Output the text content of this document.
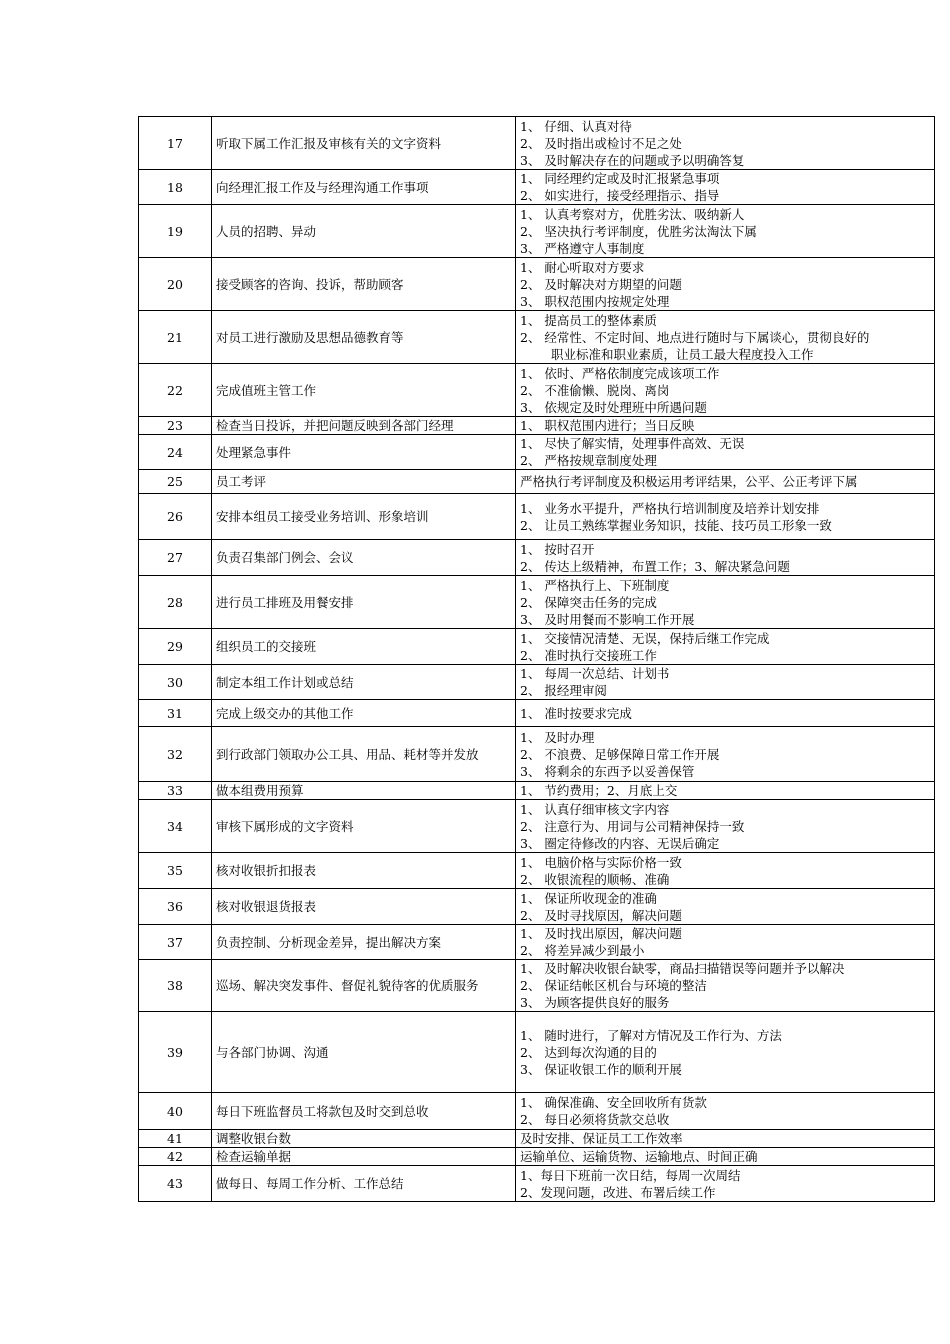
17	听取下属工作汇报及审核有关的文字资料	1、 仔细、认真对待
2、 及时指出或检讨不足之处
3、 及时解决存在的问题或予以明确答复

18	向经理汇报工作及与经理沟通工作事项	1、 同经理约定或及时汇报紧急事项
2、 如实进行，接受经理指示、指导

19	人员的招聘、异动	1、 认真考察对方，优胜劣汰、吸纳新人
2、 坚决执行考评制度，优胜劣汰淘汰下属
3、 严格遵守人事制度

20	接受顾客的咨询、投诉，帮助顾客	1、 耐心听取对方要求
2、 及时解决对方期望的问题
3、 职权范围内按规定处理

21	对员工进行激励及思想品德教育等	1、 提高员工的整体素质
2、 经常性、不定时间、地点进行随时与下属谈心，贯彻良好的
职业标准和职业素质，让员工最大程度投入工作

22	完成值班主管工作	1、 依时、严格依制度完成该项工作
2、 不准偷懒、脱岗、离岗
3、 依规定及时处理班中所遇问题

23	检查当日投诉，并把问题反映到各部门经理	1、 职权范围内进行；当日反映

24	处理紧急事件	1、 尽快了解实情，处理事件高效、无误
2、 严格按规章制度处理

25	员工考评	严格执行考评制度及积极运用考评结果，公平、公正考评下属

26	安排本组员工接受业务培训、形象培训	1、 业务水平提升，严格执行培训制度及培养计划安排
2、 让员工熟练掌握业务知识，技能、技巧员工形象一致

27	负责召集部门例会、会议	1、 按时召开
2、 传达上级精神，布置工作；3、解决紧急问题

28	进行员工排班及用餐安排	1、 严格执行上、下班制度
2、 保障突击任务的完成
3、 及时用餐而不影响工作开展

29	组织员工的交接班	1、 交接情况清楚、无误，保持后继工作完成
2、 准时执行交接班工作

30	制定本组工作计划或总结	1、 每周一次总结、计划书
2、 报经理审阅

31	完成上级交办的其他工作	1、 准时按要求完成

32	到行政部门领取办公工具、用品、耗材等并发放	1、 及时办理
2、 不浪费、足够保障日常工作开展
3、 将剩余的东西予以妥善保管

33	做本组费用预算	1、 节约费用；2、月底上交

34	审核下属形成的文字资料	1、 认真仔细审核文字内容
2、 注意行为、用词与公司精神保持一致
3、 圈定待修改的内容、无误后确定

35	核对收银折扣报表	1、 电脑价格与实际价格一致
2、 收银流程的顺畅、准确

36	核对收银退货报表	1、 保证所收现金的准确
2、 及时寻找原因，解决问题

37	负责控制、分析现金差异，提出解决方案	1、 及时找出原因，解决问题
2、 将差异减少到最小

38	巡场、解决突发事件、督促礼貌待客的优质服务	1、 及时解决收银台缺零，商品扫描错误等问题并予以解决
2、 保证结帐区机台与环境的整洁
3、 为顾客提供良好的服务

39	与各部门协调、沟通	1、 随时进行，了解对方情况及工作行为、方法
2、 达到每次沟通的目的
3、 保证收银工作的顺利开展

40	每日下班监督员工将款包及时交到总收	1、 确保准确、安全回收所有货款
2、 每日必须将货款交总收

41	调整收银台数	及时安排、保证员工工作效率

42	检查运输单据	运输单位、运输货物、运输地点、时间正确

43	做每日、每周工作分析、工作总结	1、每日下班前一次日结，每周一次周结
2、发现问题，改进、布署后续工作
